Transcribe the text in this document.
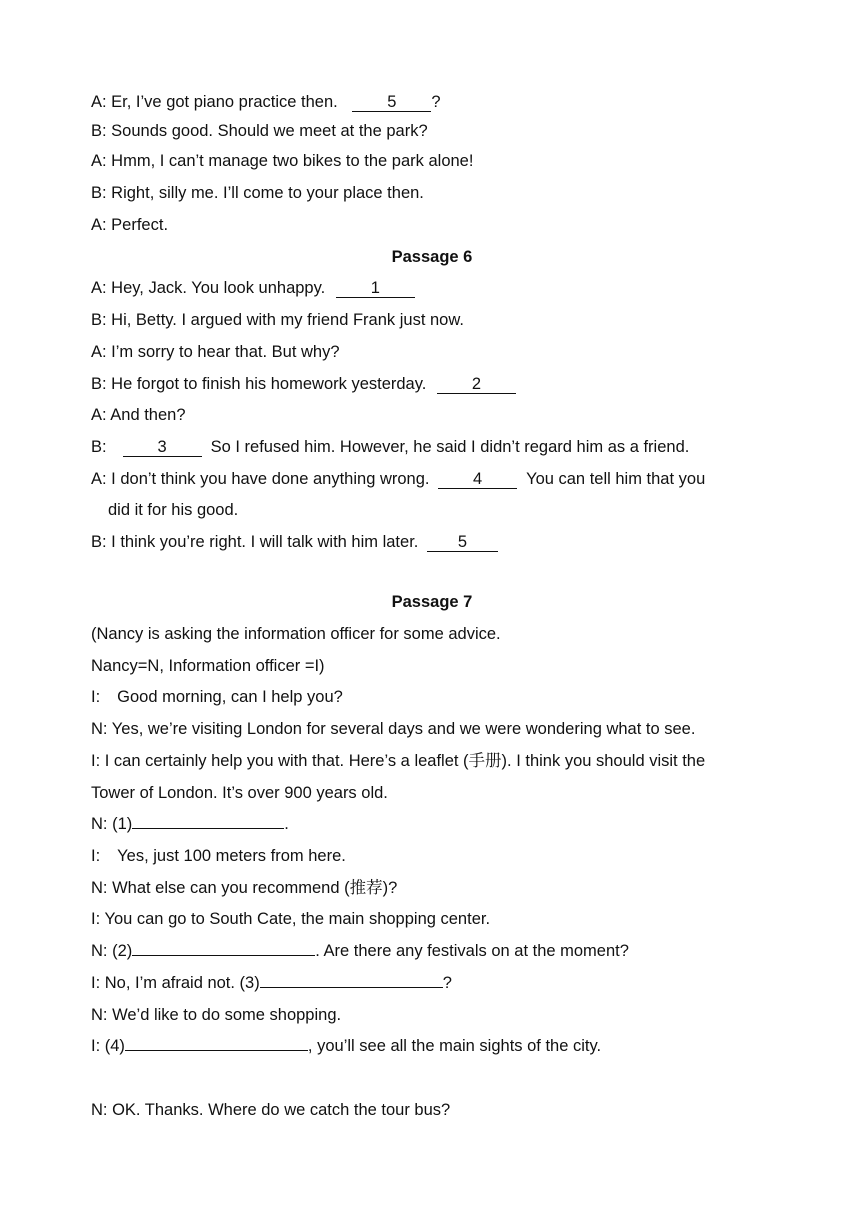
A: Er, I’ve got piano practice then.	5 ?
B: Sounds good. Should we meet at the park?
A: Hmm, I can’t manage two bikes to the park alone!
B: Right, silly me. I’ll come to your place then.
A: Perfect.
Passage 6
A: Hey, Jack. You look unhappy.	1
B: Hi, Betty. I argued with my friend Frank just now.
A: I’m sorry to hear that. But why?
B: He forgot to finish his homework yesterday.	2
A: And then?
B:	3	So I refused him. However, he said I didn’t regard him as a friend.
A: I don’t think you have done anything wrong.	4	You can tell him that you
did it for his good.
B: I think you’re right. I will talk with him later. 5
Passage 7
(Nancy is asking the information officer for some advice.
Nancy=N, Information officer =I)
I: Good morning, can I help you?
N: Yes, we’re visiting London for several days and we were wondering what to see.
I: I can certainly help you with that. Here’s a leaflet (手册). I think you should visit the
Tower of London. It’s over 900 years old.
N: (1)	.
I: Yes, just 100 meters from here.
N: What else can you recommend (推荐)?
I: You can go to South Cate, the main shopping center.
N: (2)	. Are there any festivals on at the moment?
I: No, I’m afraid not. (3)	?
N: We’d like to do some shopping.
I: (4)	, you’ll see all the main sights of the city.
N: OK. Thanks. Where do we catch the tour bus?
